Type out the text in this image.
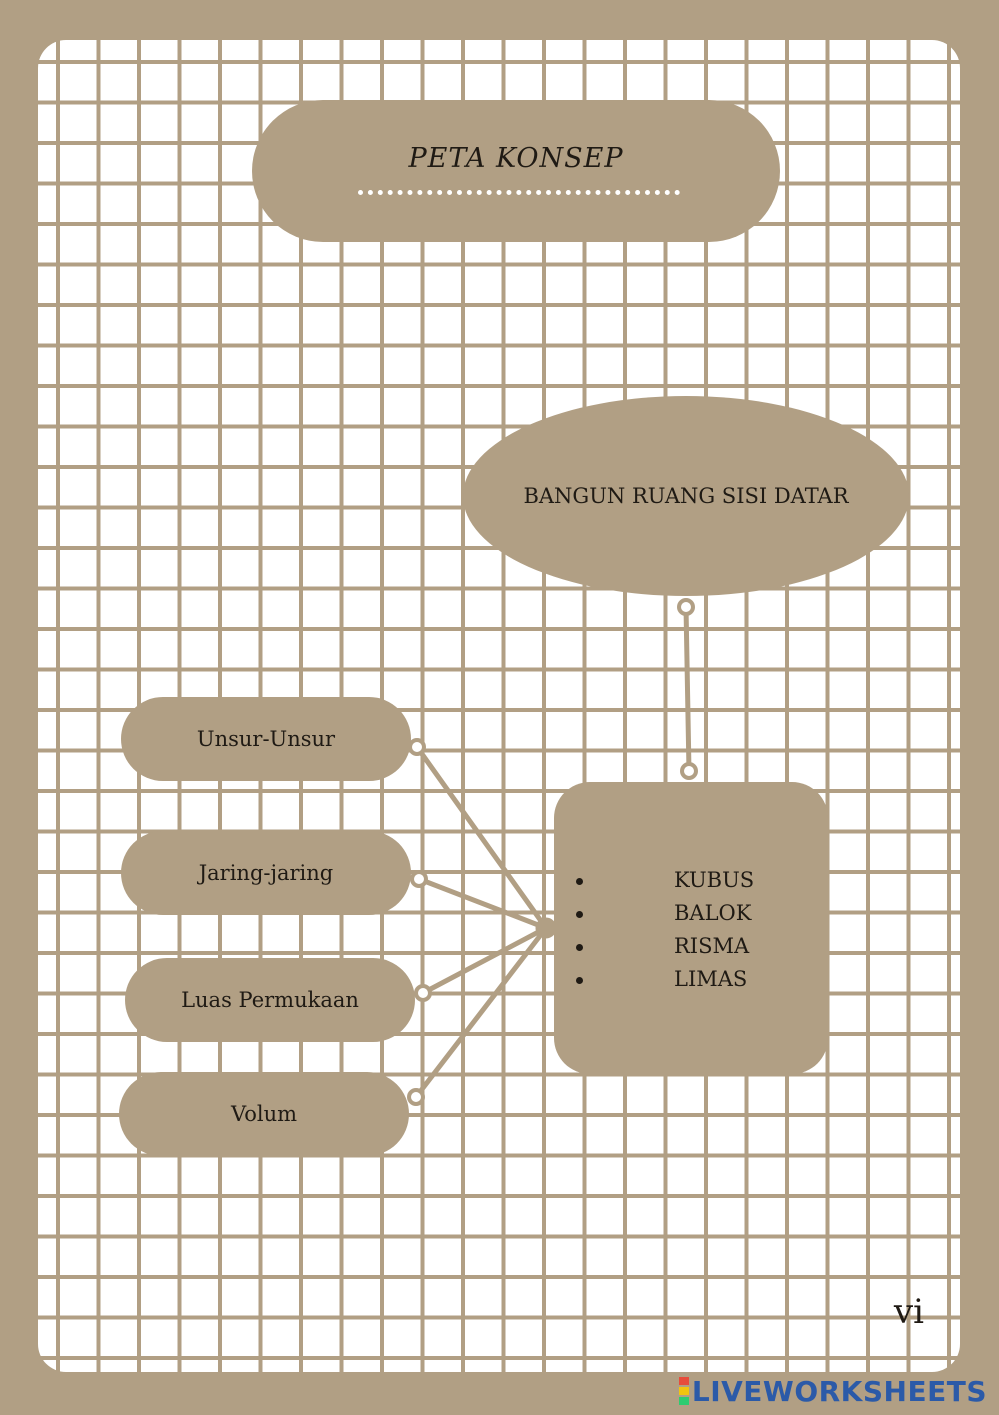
PETA KONSEP
BANGUN RUANG SISI DATAR
Unsur-Unsur
Jaring-jaring
Luas Permukaan
Volum
KUBUS
BALOK
RISMA
LIMAS
vi
LIVEWORKSHEETS
